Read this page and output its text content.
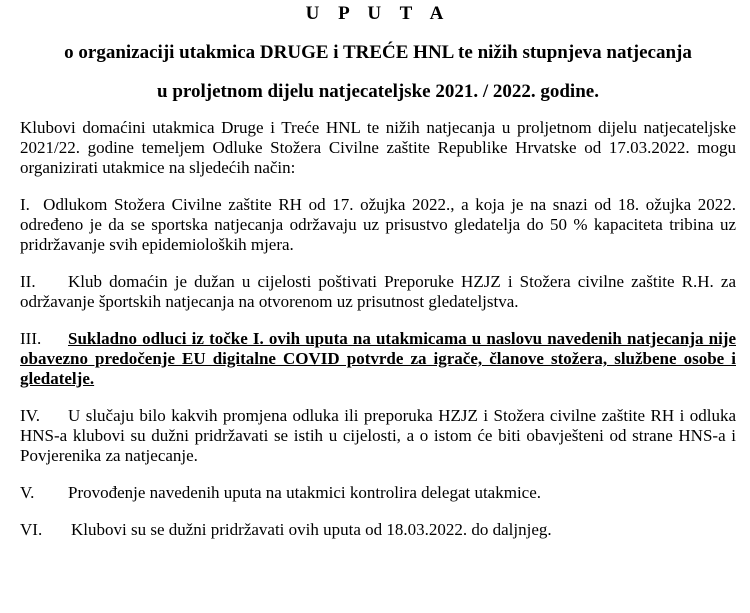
U P U T A
o organizaciji utakmica DRUGE i TREĆE HNL te nižih stupnjeva natjecanja
u proljetnom dijelu natjecateljske 2021. / 2022. godine.

Klubovi domaćini utakmica Druge i Treće HNL te nižih natjecanja u proljetnom dijelu natjecateljske 2021/22. godine temeljem Odluke Stožera Civilne zaštite Republike Hrvatske od 17.03.2022. mogu organizirati utakmice na sljedećih način:

I. Odlukom Stožera Civilne zaštite RH od 17. ožujka 2022., a koja je na snazi od 18. ožujka 2022. određeno je da se sportska natjecanja održavaju uz prisustvo gledatelja do 50 % kapaciteta tribina uz pridržavanje svih epidemioloških mjera.

II. Klub domaćin je dužan u cijelosti poštivati Preporuke HZJZ i Stožera civilne zaštite R.H. za održavanje športskih natjecanja na otvorenom uz prisutnost gledateljstva.

III. Sukladno odluci iz točke I. ovih uputa na utakmicama u naslovu navedenih natjecanja nije obavezno predočenje EU digitalne COVID potvrde za igrače, članove stožera, službene osobe i gledatelje.

IV. U slučaju bilo kakvih promjena odluka ili preporuka HZJZ i Stožera civilne zaštite RH i odluka HNS-a klubovi su dužni pridržavati se istih u cijelosti, a o istom će biti obavješteni od strane HNS-a i Povjerenika za natjecanje.

V. Provođenje navedenih uputa na utakmici kontrolira delegat utakmice.

VI. Klubovi su se dužni pridržavati ovih uputa od 18.03.2022. do daljnjeg.
